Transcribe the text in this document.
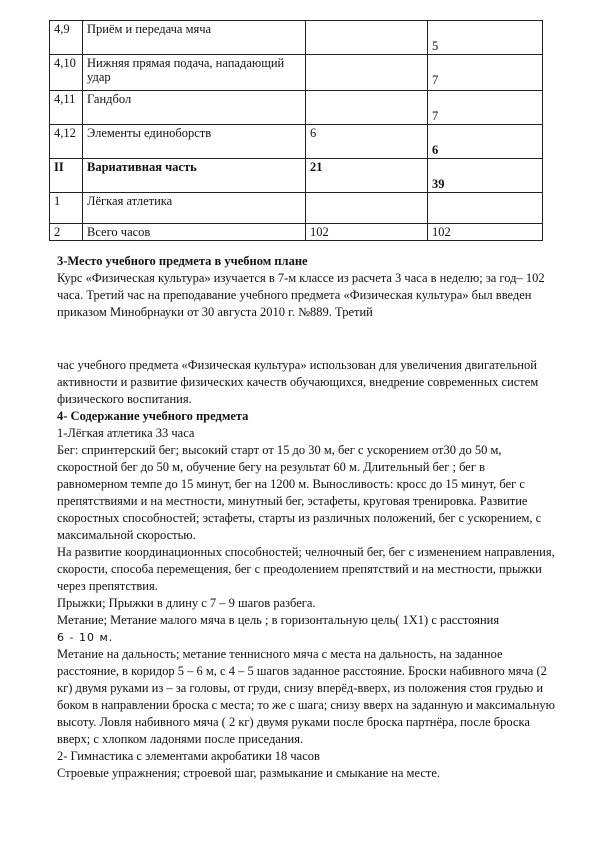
4,9	Приём и передача мяча		5
4,10	Нижняя прямая подача, нападающий удар		7
4,11	Гандбол		7
4,12	Элементы единоборств	6	6
II	Вариативная часть	21	39
1	Лёгкая атлетика		
2	Всего часов	102	102

3-Место учебного предмета в учебном плане

Курс «Физическая культура» изучается в 7-м классе из расчета 3 часа в неделю; за год– 102 часа. Третий час на преподавание учебного предмета «Физическая культура» был введен приказом Минобрнауки от 30 августа 2010 г. №889. Третий

час учебного предмета «Физическая культура» использован для увеличения двигательной активности и развитие физических качеств обучающихся, внедрение современных систем физического воспитания.

4- Содержание учебного предмета

1-Лёгкая атлетика 33 часа

Бег: спринтерский бег; высокий старт от 15 до 30 м, бег с ускорением от30 до 50 м, скоростной бег до 50 м, обучение бегу на результат 60 м. Длительный бег ; бег в равномерном темпе до 15 минут, бег на 1200 м. Выносливость: кросс до 15 минут, бег с препятствиями и на местности, минутный бег, эстафеты, круговая тренировка. Развитие скоростных способностей; эстафеты, старты из различных положений, бег с ускорением, с максимальной скоростью.

На развитие координационных способностей; челночный бег, бег с изменением направления, скорости, способа перемещения, бег с преодолением препятствий и на местности, прыжки через препятствия.

Прыжки; Прыжки в длину с 7 – 9 шагов разбега.

Метание; Метание малого мяча в цель ; в горизонтальную цель( 1Х1) с расстояния
6 - 10 м.

Метание на дальность; метание теннисного мяча с места на дальность, на заданное расстояние, в коридор 5 – 6 м, с 4 – 5 шагов заданное расстояние. Броски набивного мяча (2 кг) двумя руками из – за головы, от груди, снизу вперёд-вверх, из положения стоя грудью и боком в направлении броска с места; то же с шага; снизу вверх на заданную и максимальную высоту. Ловля набивного мяча ( 2 кг) двумя руками после броска партнёра, после броска вверх; с хлопком ладонями после приседания.

2- Гимнастика с элементами акробатики 18 часов

Строевые упражнения; строевой шаг, размыкание и смыкание на месте.
